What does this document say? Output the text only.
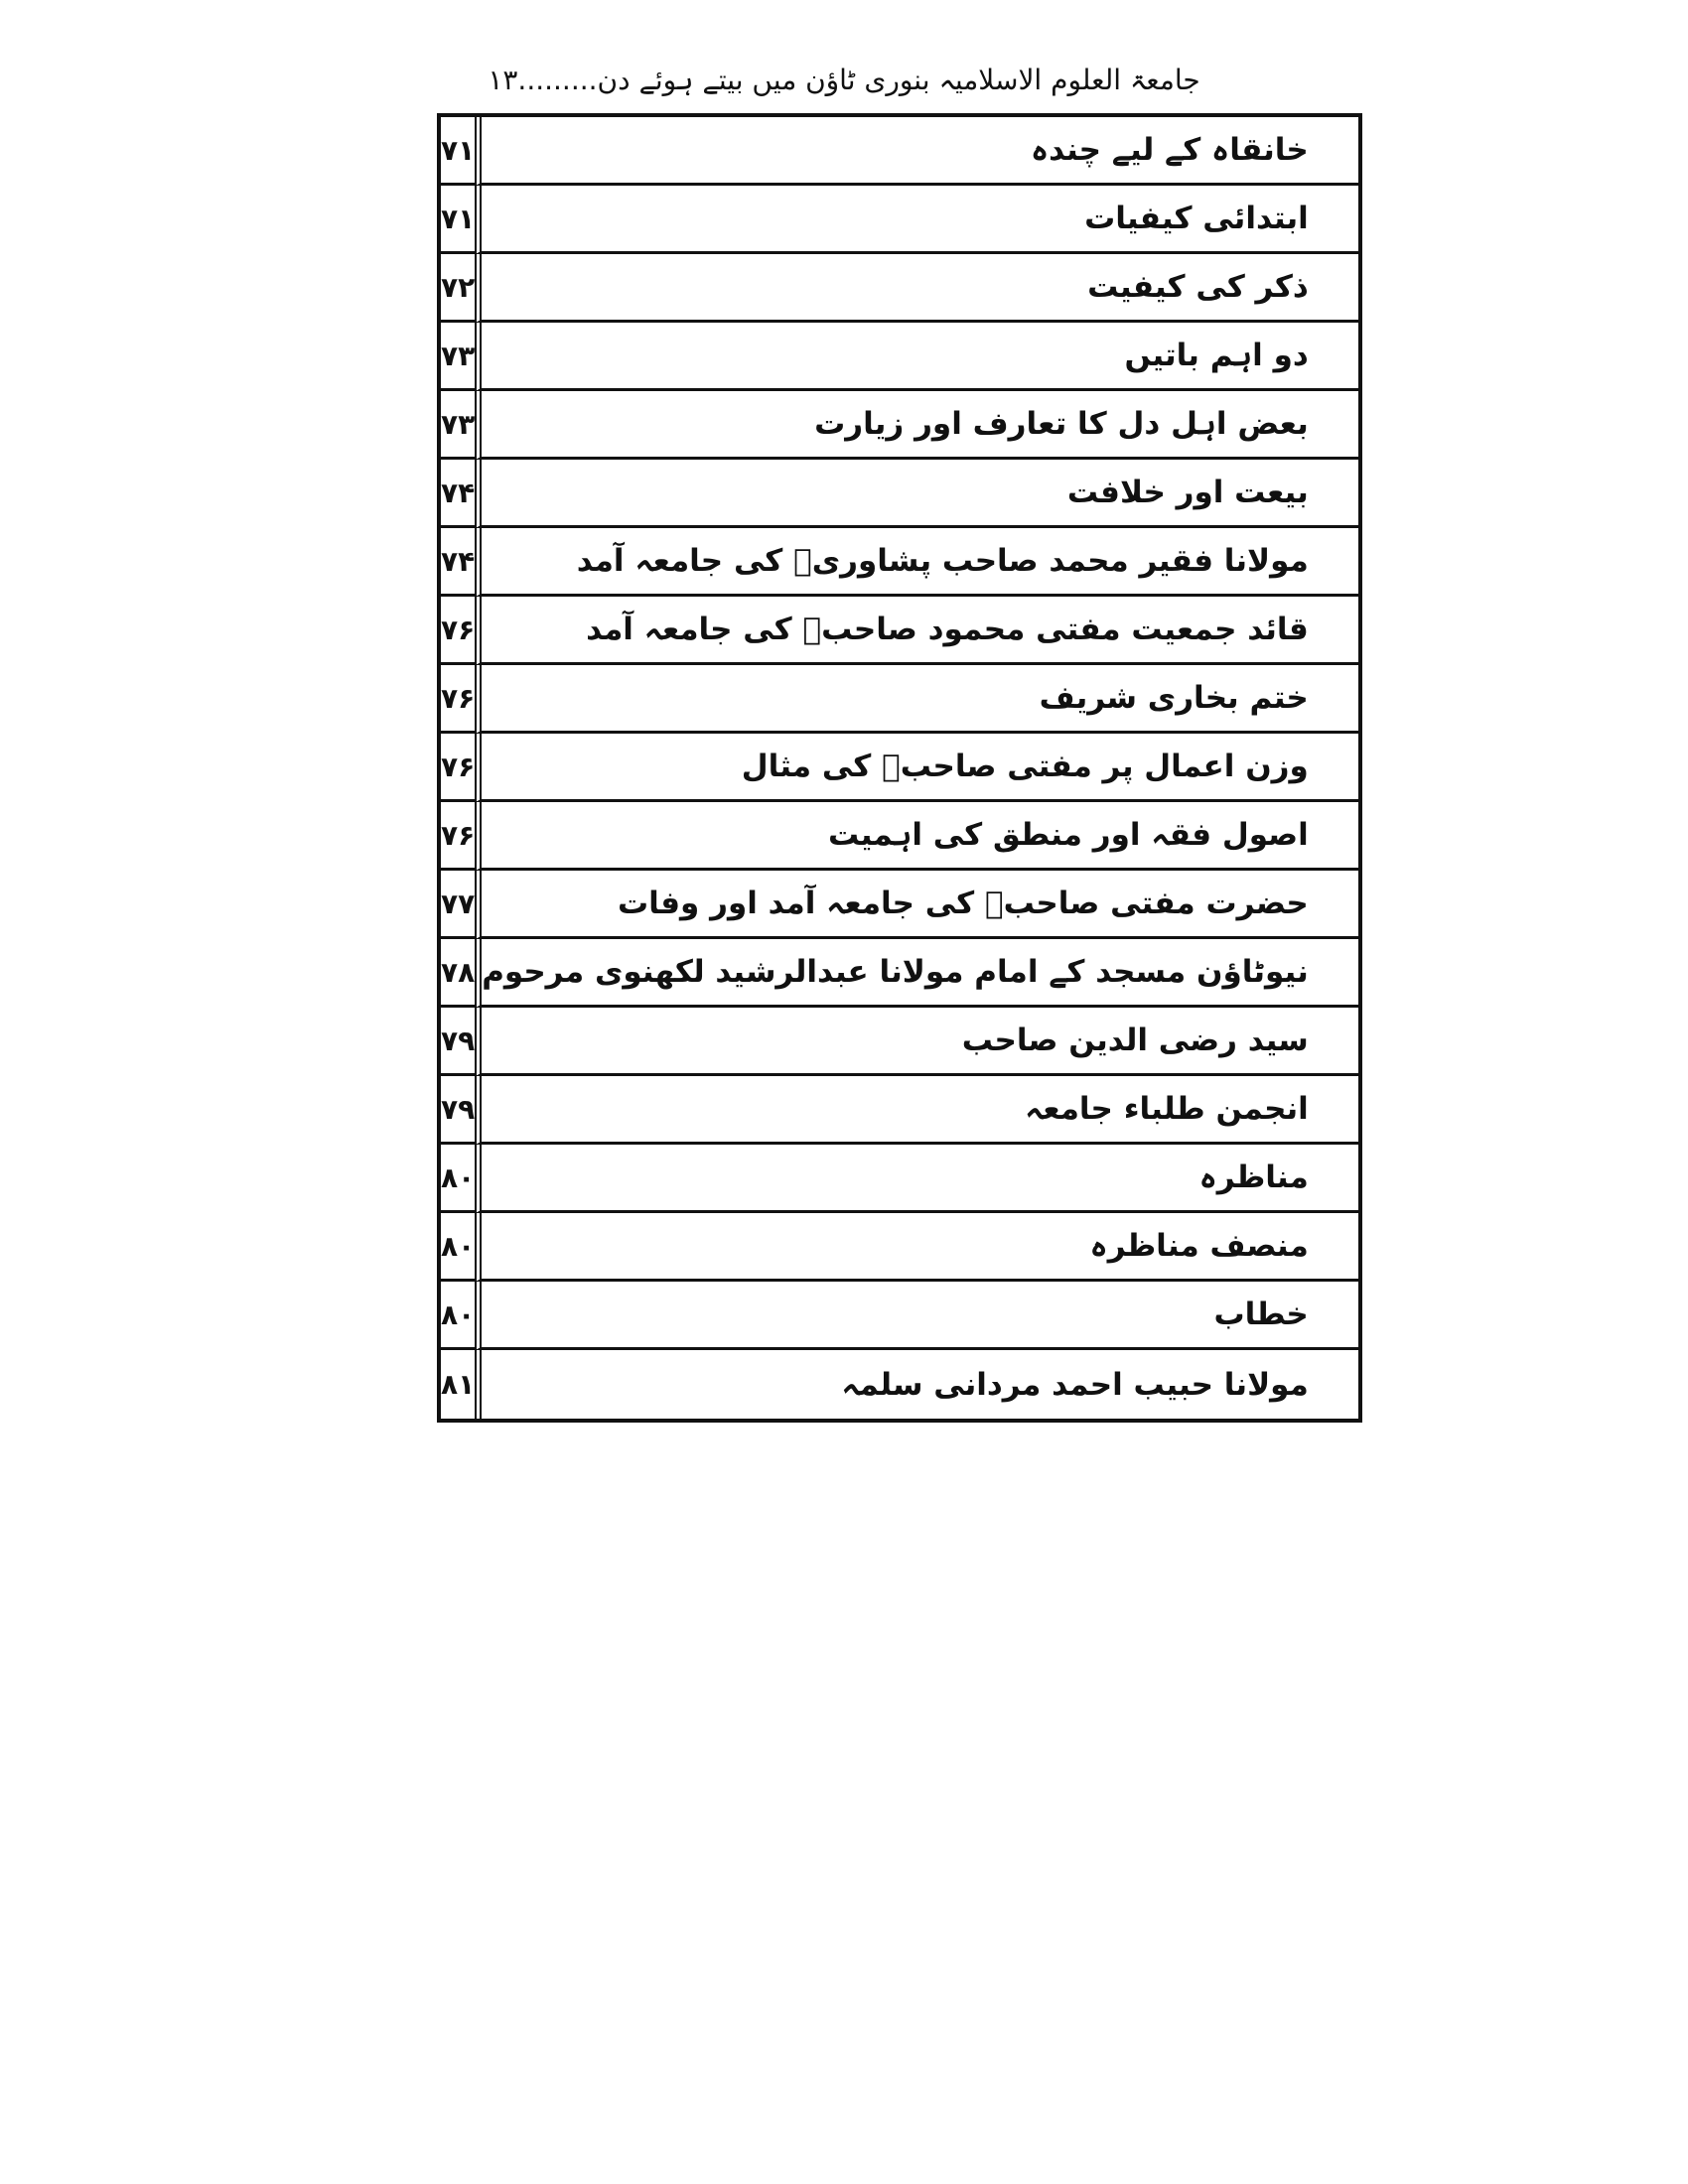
جامعۃ العلوم الاسلامیہ بنوری ٹاؤن میں بیتے ہوئے دن.........۱۳
خانقاہ کے لیے چندہ	۷۱
ابتدائی کیفیات	۷۱
ذکر کی کیفیت	۷۲
دو اہم باتیں	۷۳
بعض اہل دل کا تعارف اور زیارت	۷۳
بیعت اور خلافت	۷۴
مولانا فقیر محمد صاحب پشاوریؒ کی جامعہ آمد	۷۴
قائد جمعیت مفتی محمود صاحبؒ کی جامعہ آمد	۷۶
ختم بخاری شریف	۷۶
وزن اعمال پر مفتی صاحبؒ کی مثال	۷۶
اصول فقہ اور منطق کی اہمیت	۷۶
حضرت مفتی صاحبؒ کی جامعہ آمد اور وفات	۷۷
نیوٹاؤن مسجد کے امام مولانا عبدالرشید لکھنوی مرحوم	۷۸
سید رضی الدین صاحب	۷۹
انجمن طلباء جامعہ	۷۹
مناظرہ	۸۰
منصف مناظرہ	۸۰
خطاب	۸۰
مولانا حبیب احمد مردانی سلمہ	۸۱
